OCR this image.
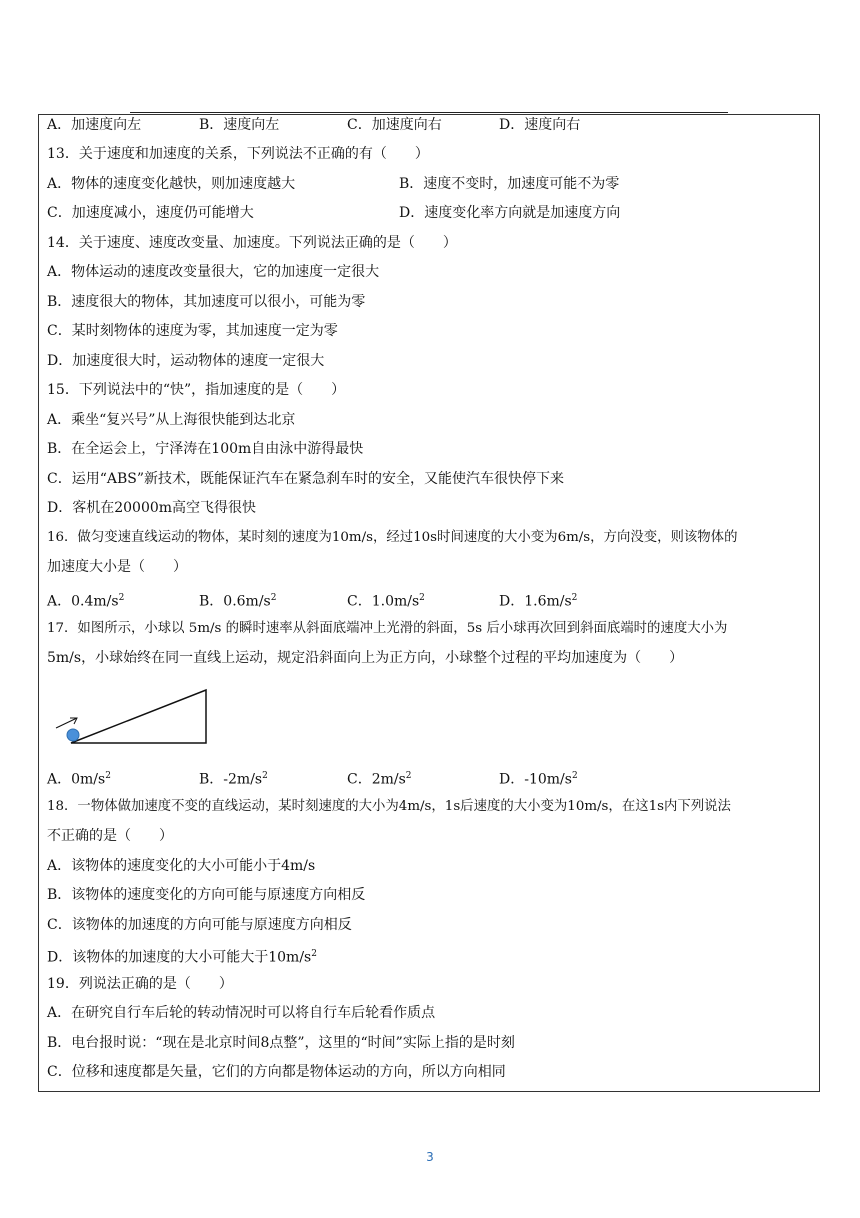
A．加速度向左	B．速度向左	C．加速度向右	D．速度向右
13．关于速度和加速度的关系，下列说法不正确的有（　　）
A．物体的速度变化越快，则加速度越大	B．速度不变时，加速度可能不为零
C．加速度减小，速度仍可能增大	D．速度变化率方向就是加速度方向
14．关于速度、速度改变量、加速度。下列说法正确的是（　　）
A．物体运动的速度改变量很大，它的加速度一定很大
B．速度很大的物体，其加速度可以很小，可能为零
C．某时刻物体的速度为零，其加速度一定为零
D．加速度很大时，运动物体的速度一定很大
15．下列说法中的“快”，指加速度的是（　　）
A．乘坐“复兴号”从上海很快能到达北京
B．在全运会上，宁泽涛在100m自由泳中游得最快
C．运用“ABS”新技术，既能保证汽车在紧急刹车时的安全，又能使汽车很快停下来
D．客机在20000m高空飞得很快
16．做匀变速直线运动的物体，某时刻的速度为10m/s，经过10s时间速度的大小变为6m/s，方向没变，则该物体的
加速度大小是（　　）
A．$0.4m/s^2$	B．$0.6m/s^2$	C．$1.0m/s^2$	D．$1.6m/s^2$
17．如图所示，小球以 5m/s 的瞬时速率从斜面底端冲上光滑的斜面，5s 后小球再次回到斜面底端时的速度大小为
5m/s，小球始终在同一直线上运动，规定沿斜面向上为正方向，小球整个过程的平均加速度为（　　）
A．$0m/s^2$	B．$-2m/s^2$	C．$2m/s^2$	D．$-10m/s^2$
18．一物体做加速度不变的直线运动，某时刻速度的大小为4m/s，1s后速度的大小变为10m/s，在这1s内下列说法
不正确的是（　　）
A．该物体的速度变化的大小可能小于4m/s
B．该物体的速度变化的方向可能与原速度方向相反
C．该物体的加速度的方向可能与原速度方向相反
D．该物体的加速度的大小可能大于$10m/s^2$
19．列说法正确的是（　　）
A．在研究自行车后轮的转动情况时可以将自行车后轮看作质点
B．电台报时说：“现在是北京时间8点整”，这里的“时间”实际上指的是时刻
C．位移和速度都是矢量，它们的方向都是物体运动的方向，所以方向相同
3
